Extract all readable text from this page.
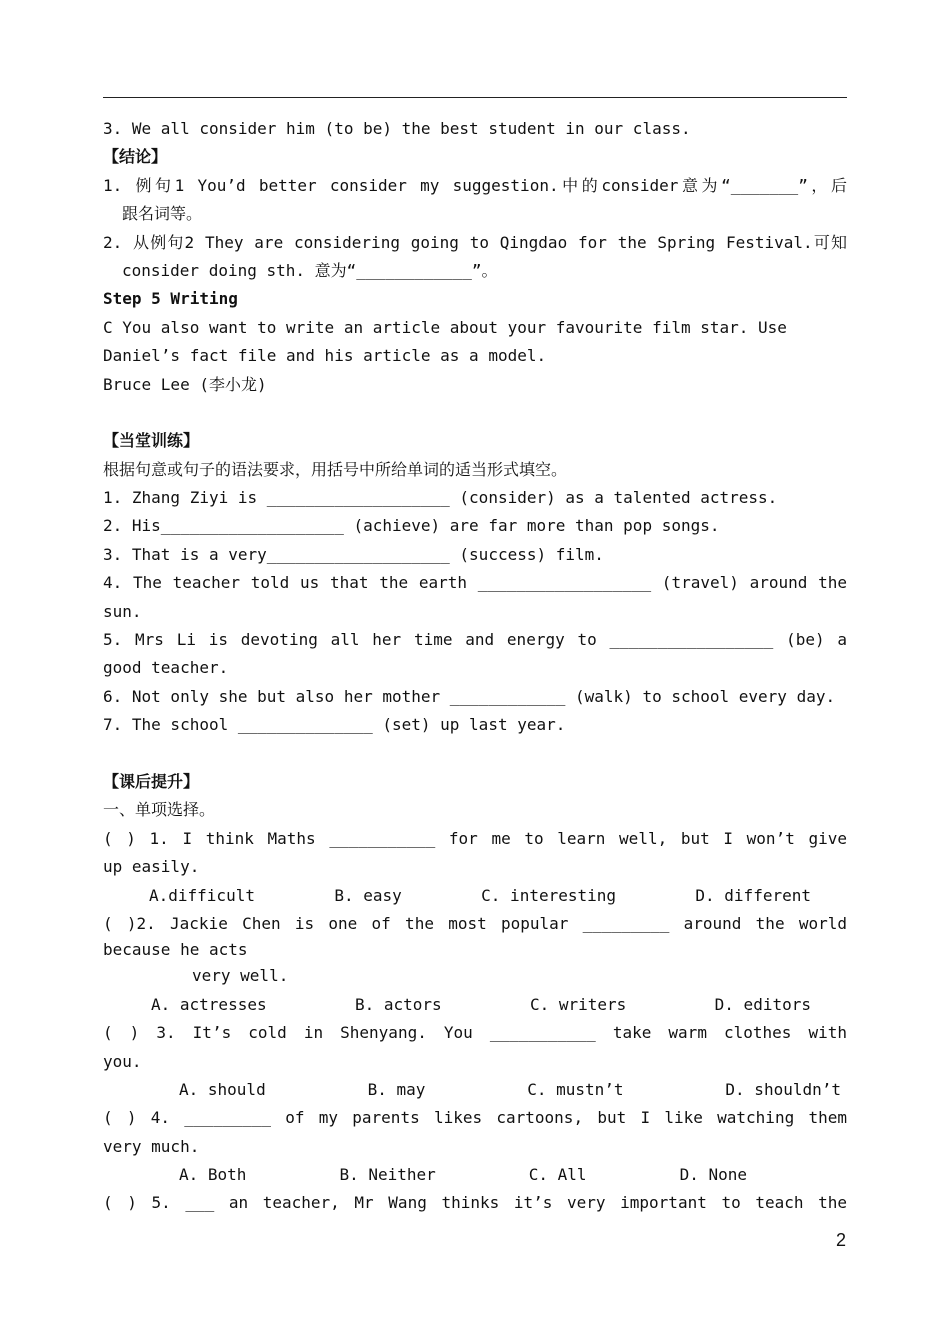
3. We all consider him (to be) the best student in our class.
【结论】
1. 例句1 You’d better consider my suggestion.中的consider意为“_______”，后
跟名词等。
2. 从例句2 They are considering going to Qingdao for the Spring Festival.可知
consider doing sth. 意为“____________”。
Step 5 Writing
C You also want to write an article about your favourite film star. Use
Daniel’s fact file and his article as a model.
Bruce Lee (李小龙)
【当堂训练】
根据句意或句子的语法要求，用括号中所给单词的适当形式填空。
1. Zhang Ziyi is ___________________ (consider) as a talented actress.
2. His___________________ (achieve) are far more than pop songs.
3. That is a very___________________ (success) film.
4. The teacher told us that the earth __________________ (travel) around the
sun.
5. Mrs Li is devoting all her time and energy to _________________ (be) a
good teacher.
6. Not only she but also her mother ____________ (walk) to school every day.
7. The school ______________ (set) up last year.
【课后提升】
一、单项选择。
( ) 1. I think Maths ___________ for me to learn well, but I won’t give
up easily.
A.difficult	B. easy	C. interesting	D. different
( )2. Jackie Chen is one of the most popular _________ around the world
because he acts
very well.
A. actresses	B. actors	C. writers	D. editors
( ) 3. It’s cold in Shenyang. You ___________ take warm clothes with
you.
A. should	B. may	C. mustn’t	D. shouldn’t
( ) 4. _________ of my parents likes cartoons, but I like watching them
very much.
A. Both	B. Neither	C. All	D. None
( ) 5. ___ an teacher, Mr Wang thinks it’s very important to teach the
2
